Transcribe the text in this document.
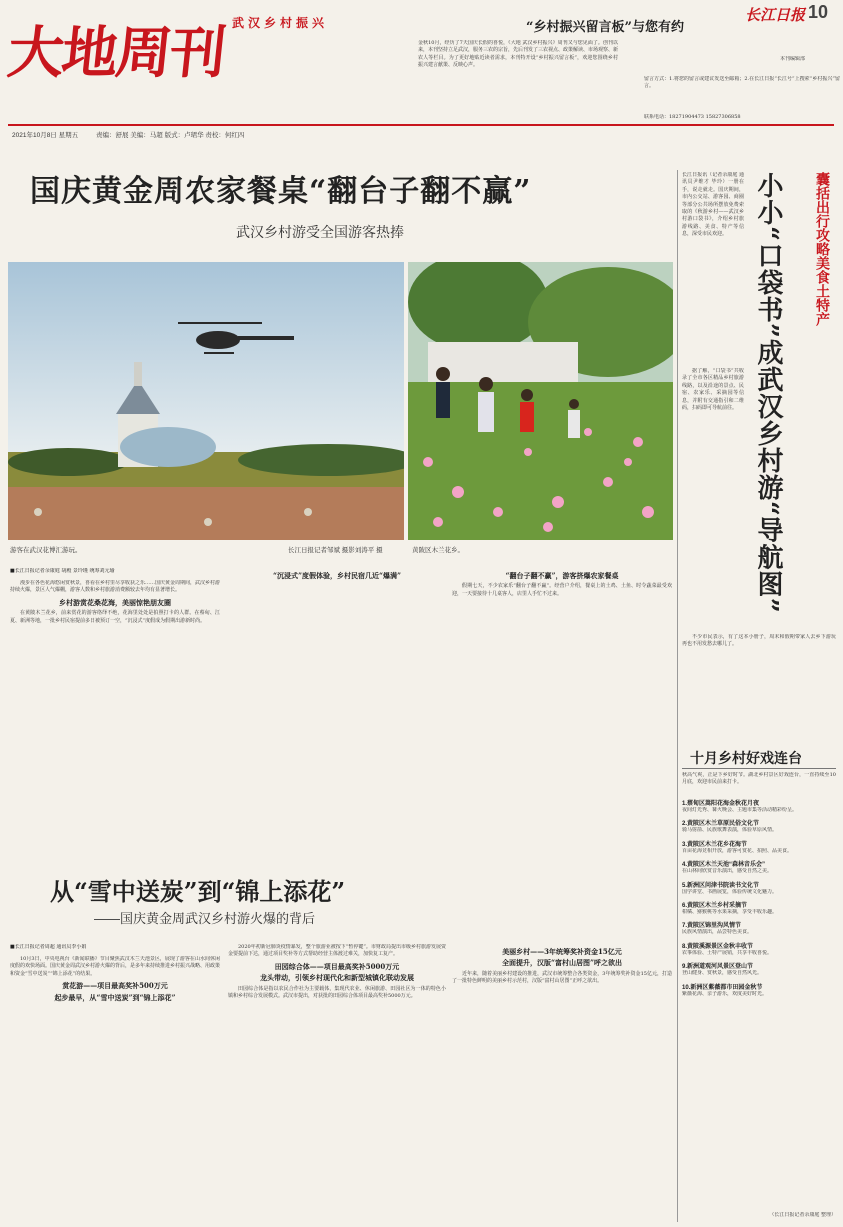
大地周刊 武汉乡村振兴
2021年10月8日 星期五	责编：舒展 美编：马超 版式：卢珺华 责校：何红四
长江日报 10
“乡村振兴留言板”与您有约
金秋10月，经历了7天国庆长假的喜悦，《大地 武汉乡村振兴》周刊又与您见面了。创刊以来，本刊坚持立足武汉，服务三农的宗旨，先后刊发了三农视点、政策解读、市场观察、新农人等栏目。为了更好地贴近读者需求，本刊特开设“乡村振兴留言板”，欢迎您围绕乡村振兴建言献策、反映心声。
留言方式：1.将您的留言或建议发送至邮箱；2.在长江日报“长江号”上搜索“乡村振兴”留言。
联系电话：18271904473 15827306858
本刊编辑部
国庆黄金周农家餐桌“翻台子翻不赢”
武汉乡村游受全国游客热捧
游客在武汉花博汇游玩。	长江日报记者邹斌 摄影刘涛平 摄	黄陂区木兰花乡。
■长江日报记者余康庭 胡殿 景玲瑾 统筹刘元瑜

漫步在各色花海悠闲赏秋景，喜看在乡村里尽享收获之乐……国庆黄金周期间，武汉乡村游持续火爆，景区人气爆棚，游客人数和乡村旅游消费额较去年均有显著增长。

乡村游赏花桑花海，美丽惊艳朋友圈

在黄陂木兰花乡，前来赏花的游客络绎不绝，花海里处处是拍照打卡的人群。在蔡甸、江夏、新洲等地，一批乡村民宿提前多日被预订一空，“沉浸式”度假成为假期出游新时尚。

“沉浸式”度假体验，乡村民宿几近“爆满”	“翻台子翻不赢”，游客挤爆农家餐桌

假期七天，不少农家乐“翻台子翻不赢”。经营户介绍，餐桌上的土鸡、土鱼、时令蔬菜最受欢迎，一天要接待十几桌客人，店里人手忙不过来。

从“雪中送炭”到“锦上添花”
——国庆黄金周武汉乡村游火爆的背后
■长江日报记者周超 通讯员李小娟

10月3日，中央电视台《新闻联播》节目聚焦武汉木兰天池景区，展现了游客在山水间休闲度假的欢快场面。国庆黄金周武汉乡村游火爆的背后，是多年来持续推进乡村振兴战略、用政策和资金“雪中送炭”“锦上添花”的结果。

赏花游——项目最高奖补500万元
起步最早，从“雪中送炭”到“锦上添花”

2020年初新冠肺炎疫情暴发，整个旅游业被按下“暂停键”。市财政局提出市级乡村旅游发展资金要提前下达，通过项目奖补等方式帮助经营主体渡过难关，加快复工复产。

田园综合体——项目最高奖补5000万元
龙头带动，引领乡村现代化和新型城镇化联动发展

田园综合体是指以农民合作社为主要载体，集现代农业、休闲旅游、田园社区为一体的特色小镇和乡村综合发展模式。武汉市提出，对获批的田园综合体项目最高奖补5000万元。

美丽乡村——3年统筹奖补资金15亿元
全面提升，汉版“富村山居图”呼之欲出

近年来，随着美丽乡村建设的推进，武汉市统筹整合各类资金，3年统筹奖补资金15亿元，打造了一批特色鲜明的美丽乡村示范村，汉版“富村山居图”正呼之欲出。

长江日报讯（记者余康庭 通讯员尹维才 毕玲）一册在手，说走就走。国庆期间，市内公交站、游客园、商圈等部分公共场所摆放免费索取的《秋游乡村——武汉乡村游口袋书》，介绍乡村旅游线路、美食、特产等信息，深受市民欢迎。 小小“口袋书”成武汉乡村游“导航图” 囊括出行攻略美食土特产

据了解，“口袋书”共收录了全市各区精品乡村旅游线路，以及沿途的景点、民宿、农家乐、采摘园等信息，并附有交通指引和二维码，扫码即可导航前往。

不少市民表示，有了这本小册子，周末和假期带家人去乡下游玩再也不用发愁去哪儿了。

十月乡村好戏连台
秋高气爽，正是下乡好时节。湖北乡村景区好戏连台，一直持续至10月底，欢迎市民前来打卡。
1.蔡甸区嵩阳花海金秋花月夜
夜间灯光秀、篝火晚会、主题市集等活动精彩纷呈。
2.黄陂区木兰草原民俗文化节
骑马射箭、民族歌舞表演，体验草原风情。
3.黄陂区木兰花乡花海节
百亩花海竞相开放，游客可赏花、拍照、品美食。
4.黄陂区木兰天池“森林音乐会”
在山林间欣赏音乐演出，感受自然之美。
5.新洲区问津书院读书文化节
国学讲堂、书画展览，体验传统文化魅力。
6.黄陂区木兰乡村采摘节
柑橘、猕猴桃等水果采摘，享受丰收乐趣。
7.黄陂区锦里沟风情节
民族风情演出，品尝特色美食。
8.黄陂溪源景区金秋丰收节
农事体验、土特产展销，共享丰收喜悦。
9.新洲道观河风景区登山节
登山健身、赏秋景，感受自然风光。
10.新洲区紫薇都市田园金秋节
紫薇花海、亲子游乐，欢度美好时光。
（长江日报记者余康庭 整理）
